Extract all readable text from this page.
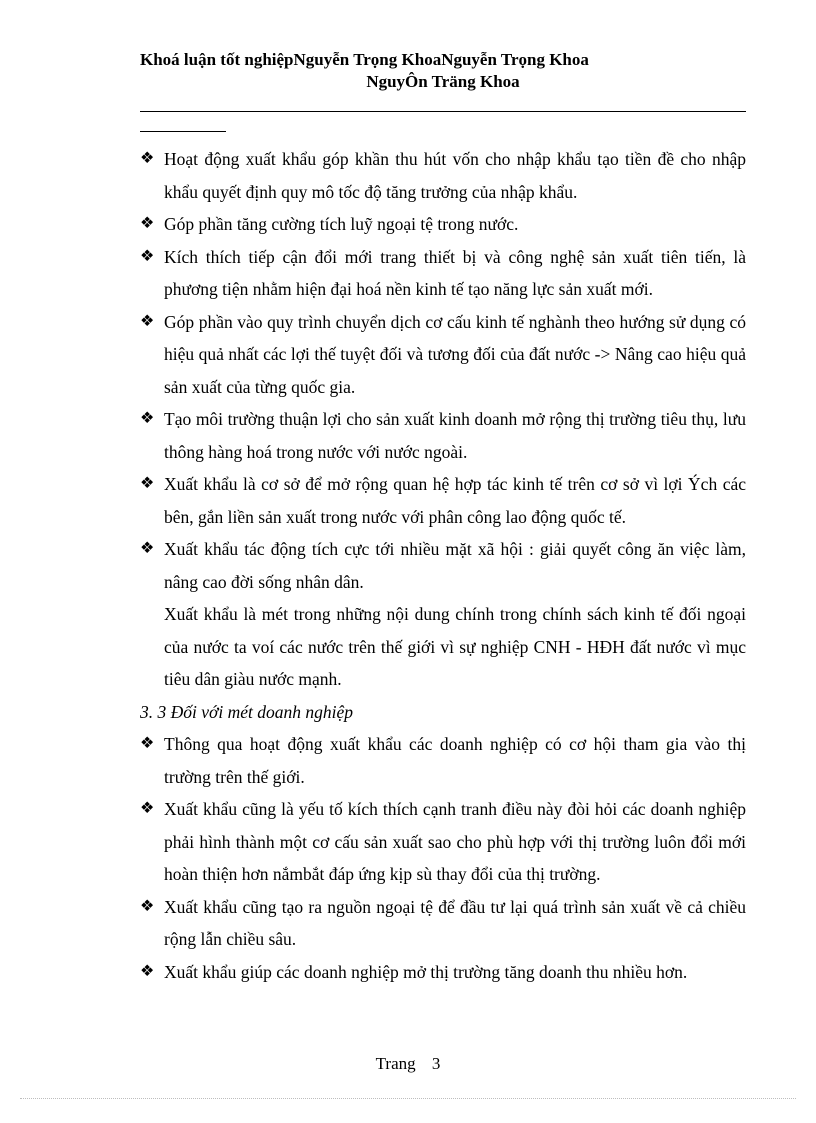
Khoá luận tốt nghiệpNguyễn Trọng KhoaNguyễn Trọng Khoa
NguyÔn Träng Khoa
❖ Hoạt động xuất khẩu góp khần thu hút vốn cho nhập khẩu tạo tiền đề cho nhập khẩu quyết định quy mô tốc độ tăng trưởng của nhập khẩu.
❖ Góp phần tăng cường tích luỹ ngoại tệ trong nước.
❖ Kích thích tiếp cận đổi mới trang thiết bị và công nghệ sản xuất tiên tiến, là phương tiện nhằm hiện đại hoá nền kinh tế tạo năng lực sản xuất mới.
❖ Góp phần vào quy trình chuyển dịch cơ cấu kinh tế nghành theo hướng sử dụng có hiệu quả nhất các lợi thế tuyệt đối và tương đối của đất nước -> Nâng cao hiệu quả sản xuất của từng quốc gia.
❖ Tạo môi trường thuận lợi cho sản xuất kinh doanh mở rộng thị trường tiêu thụ, lưu thông hàng hoá trong nước với nước ngoài.
❖ Xuất khẩu là cơ sở để mở rộng quan hệ hợp tác kinh tế trên cơ sở vì lợi Ých các bên, gắn liền sản xuất trong nước với phân công lao động quốc tế.
❖ Xuất khẩu tác động tích cực tới nhiều mặt xã hội : giải quyết công ăn việc làm, nâng cao đời sống nhân dân.
Xuất khẩu là mét trong những nội dung chính trong chính sách kinh tế đối ngoại của nước ta voí các nước trên thế giới vì sự nghiệp CNH - HĐH đất nước vì mục tiêu dân giàu nước mạnh.
3. 3 Đối với mét doanh nghiệp
❖ Thông qua hoạt động xuất khẩu các doanh nghiệp có cơ hội tham gia vào thị trường trên thế giới.
❖ Xuất khẩu cũng là yếu tố kích thích cạnh tranh điều này đòi hỏi các doanh nghiệp phải hình thành một cơ cấu sản xuất sao cho phù hợp với thị trường luôn đổi mới hoàn thiện hơn nắmbắt đáp ứng kịp sù thay đổi của thị trường.
❖ Xuất khẩu cũng tạo ra nguồn ngoại tệ để đầu tư lại quá trình sản xuất về cả chiều rộng lẫn chiều sâu.
❖ Xuất khẩu giúp các doanh nghiệp mở thị trường tăng doanh thu nhiều hơn.
Trang 3
